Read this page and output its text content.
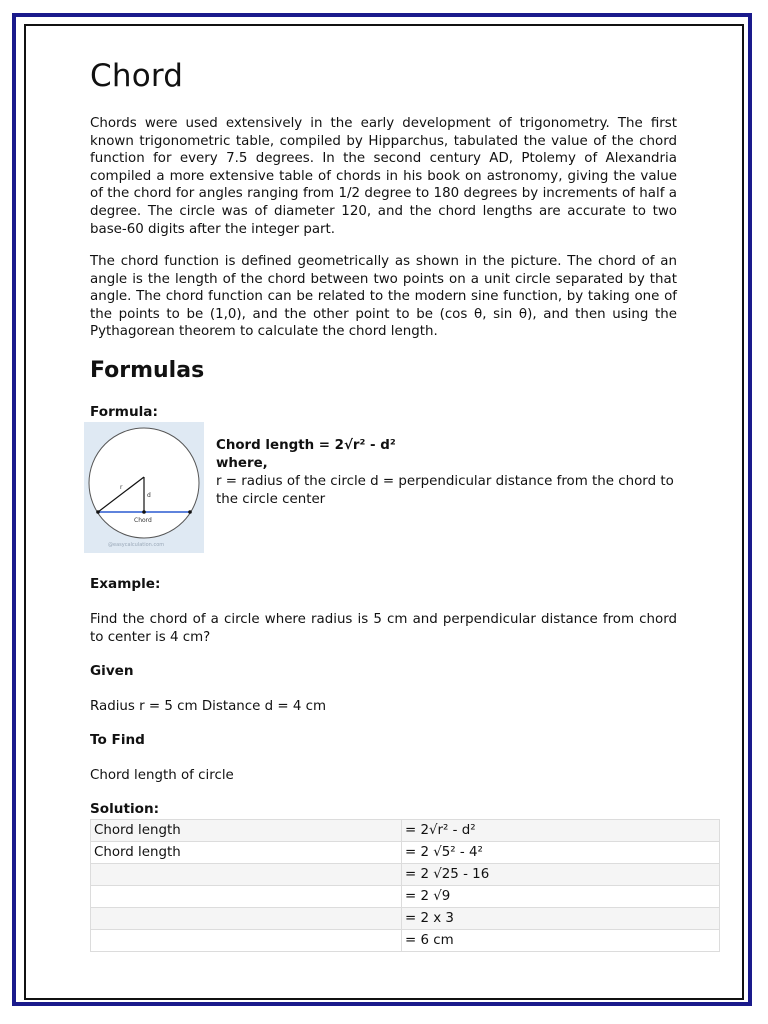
Chord

Chords were used extensively in the early development of trigonometry. The first known trigonometric table, compiled by Hipparchus, tabulated the value of the chord function for every 7.5 degrees. In the second century AD, Ptolemy of Alexandria compiled a more extensive table of chords in his book on astronomy, giving the value of the chord for angles ranging from 1/2 degree to 180 degrees by increments of half a degree. The circle was of diameter 120, and the chord lengths are accurate to two base-60 digits after the integer part.

The chord function is defined geometrically as shown in the picture. The chord of an angle is the length of the chord between two points on a unit circle separated by that angle. The chord function can be related to the modern sine function, by taking one of the points to be (1,0), and the other point to be (cos θ, sin θ), and then using the Pythagorean theorem to calculate the chord length.

Formulas

Formula:

r
d
Chord
@easycalculation.com
Chord length = 2√r² - d²
where,
r = radius of the circle d = perpendicular distance from the chord to the circle center

Example:

Find the chord of a circle where radius is 5 cm and perpendicular distance from chord to center is 4 cm?

Given

Radius r = 5 cm Distance d = 4 cm

To Find

Chord length of circle

Solution:

Chord length	= 2√r² - d²
Chord length	= 2 √5² - 4²
	= 2 √25 - 16
	= 2 √9
	= 2 x 3
	= 6 cm
